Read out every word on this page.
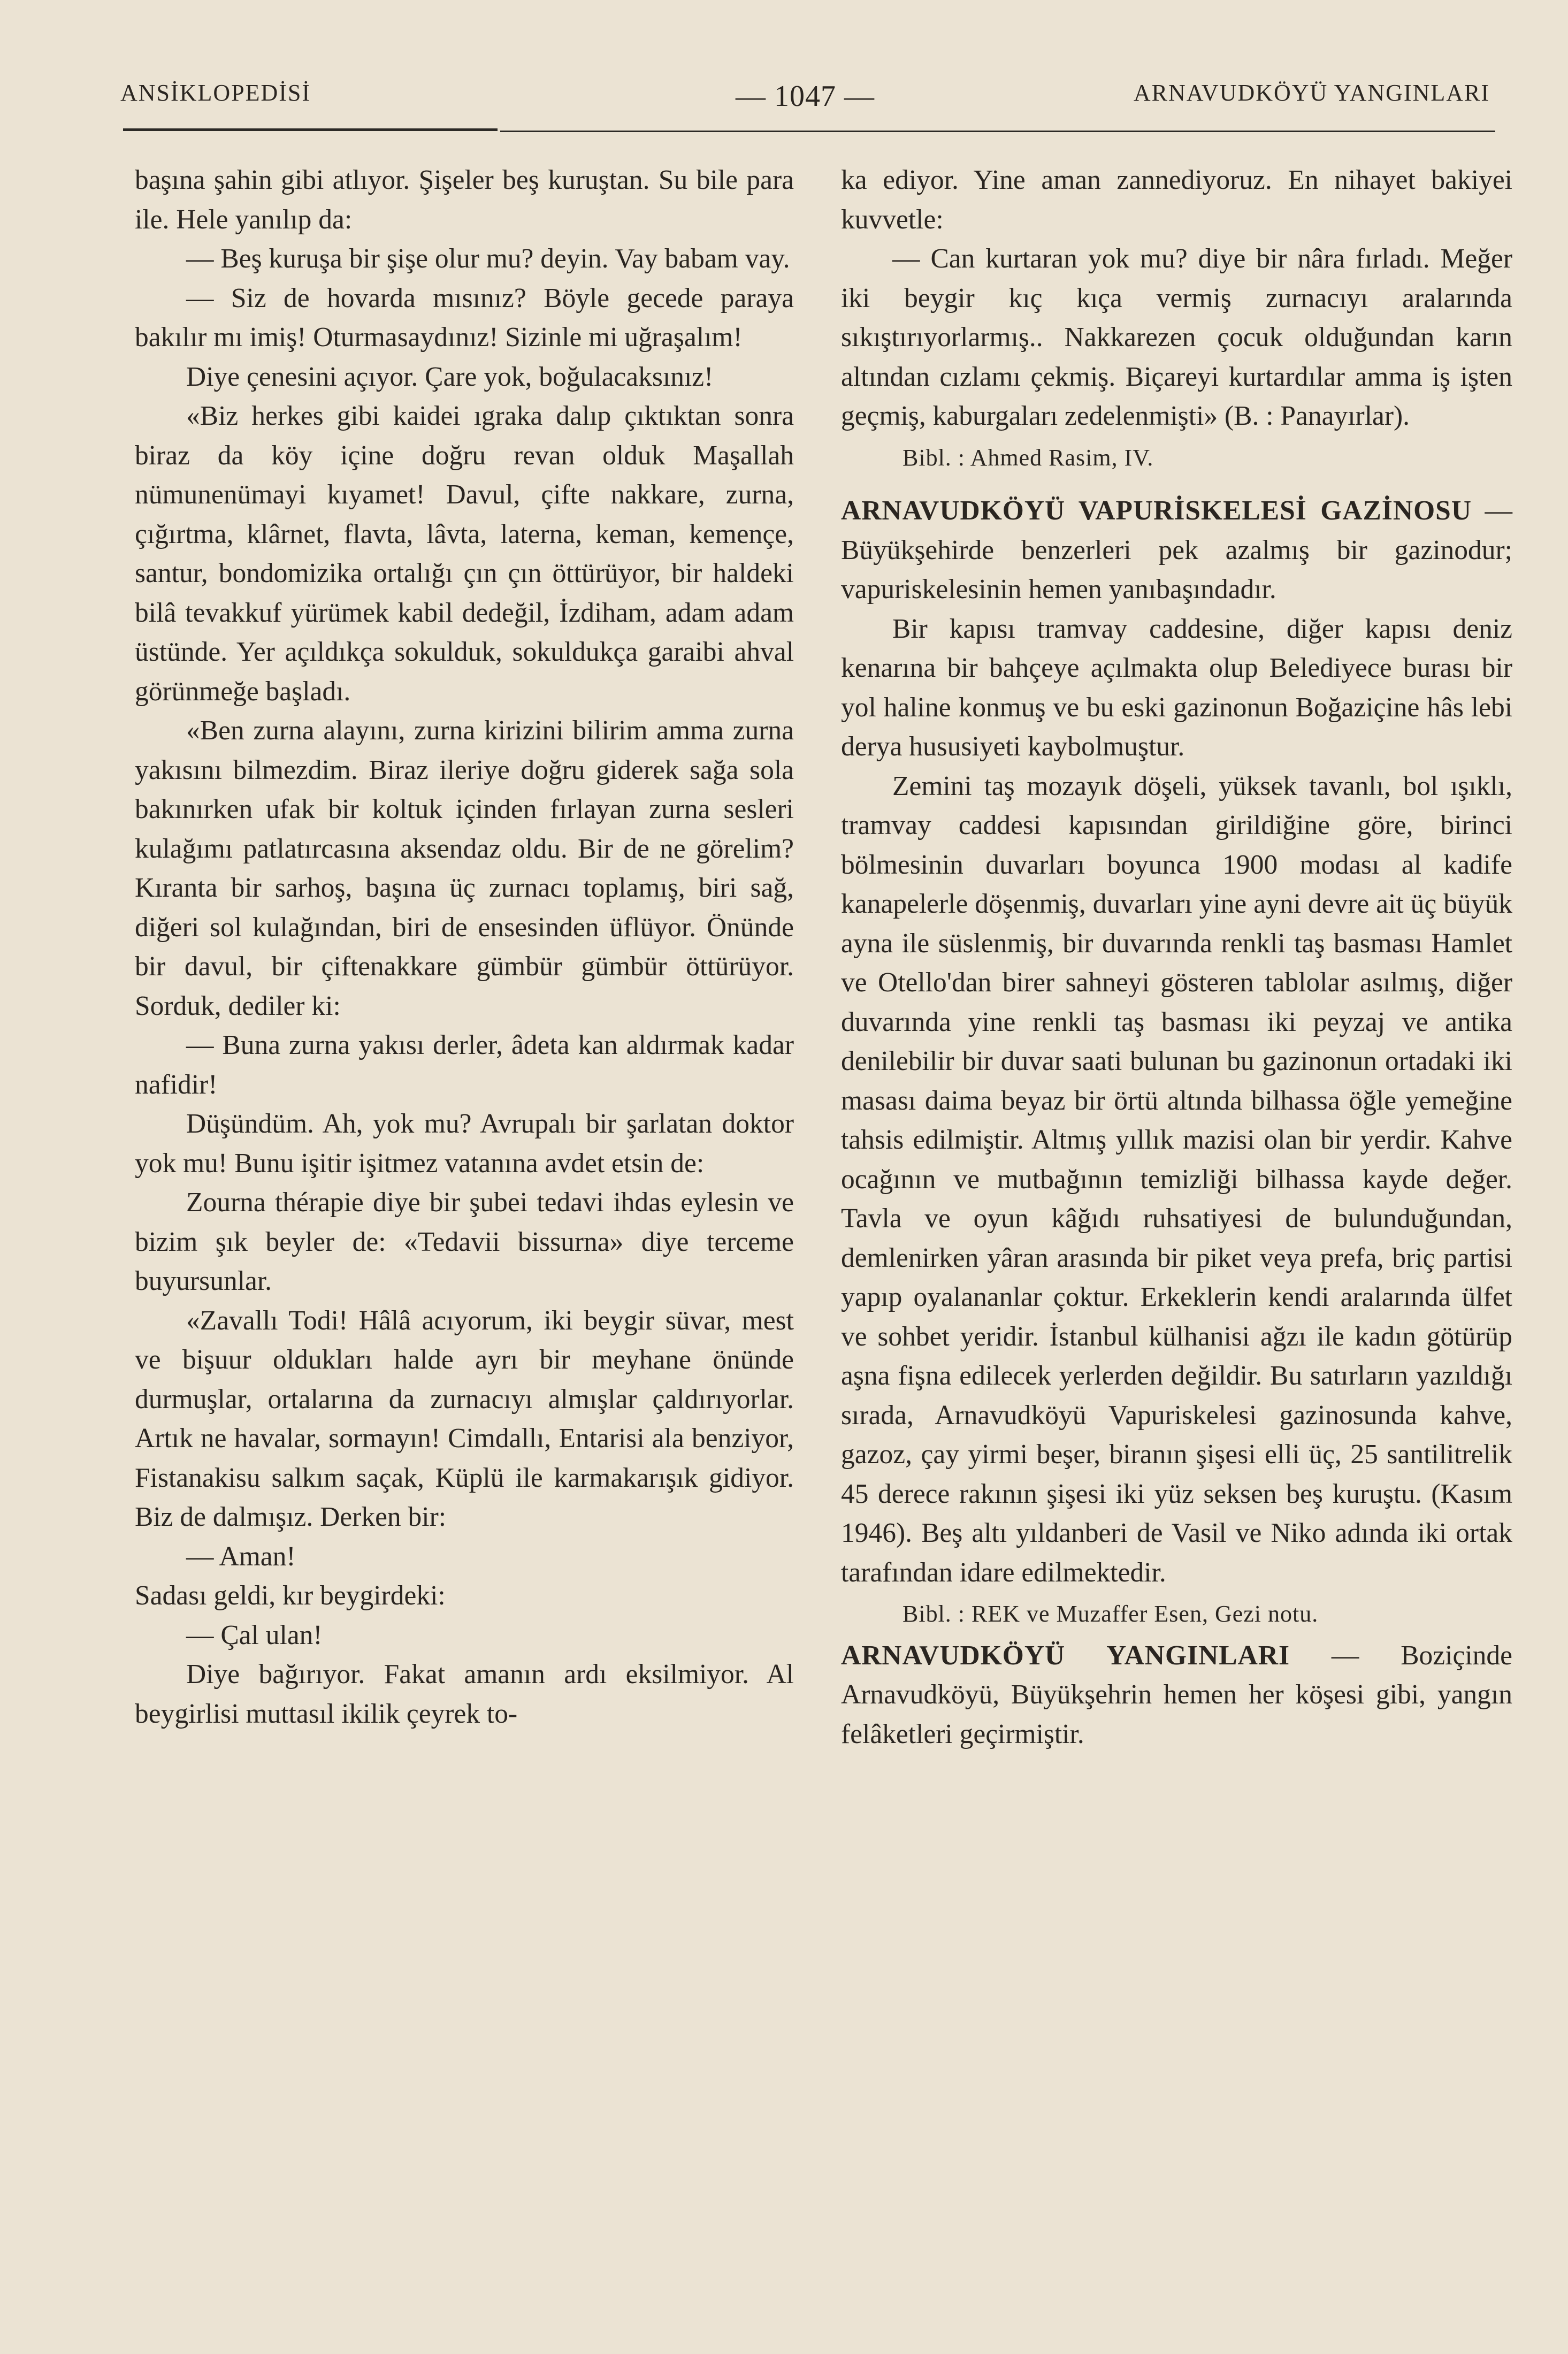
ANSİKLOPEDİSİ	— 1047 —	ARNAVUDKÖYÜ YANGINLARI

başına şahin gibi atlıyor. Şişeler beş kuruştan. Su bile para ile. Hele yanılıp da:

— Beş kuruşa bir şişe olur mu? deyin. Vay babam vay.

— Siz de hovarda mısınız? Böyle gecede paraya bakılır mı imiş! Oturmasaydınız! Sizinle mi uğraşalım!

Diye çenesini açıyor. Çare yok, boğulacaksınız!

«Biz herkes gibi kaidei ıgraka dalıp çıktıktan sonra biraz da köy içine doğru revan olduk Maşallah nümunenümayi kıyamet! Davul, çifte nakkare, zurna, çığırtma, klârnet, flavta, lâvta, laterna, keman, kemençe, santur, bondomizika ortalığı çın çın öttürüyor, bir haldeki bilâ tevakkuf yürümek kabil dedeğil, İzdiham, adam adam üstünde. Yer açıldıkça sokulduk, sokuldukça garaibi ahval görünmeğe başladı.

«Ben zurna alayını, zurna kirizini bilirim amma zurna yakısını bilmezdim. Biraz ileriye doğru giderek sağa sola bakınırken ufak bir koltuk içinden fırlayan zurna sesleri kulağımı patlatırcasına aksendaz oldu. Bir de ne görelim? Kıranta bir sarhoş, başına üç zurnacı toplamış, biri sağ, diğeri sol kulağından, biri de ensesinden üflüyor. Önünde bir davul, bir çiftenakkare gümbür gümbür öttürüyor. Sorduk, dediler ki:

— Buna zurna yakısı derler, âdeta kan aldırmak kadar nafidir!

Düşündüm. Ah, yok mu? Avrupalı bir şarlatan doktor yok mu! Bunu işitir işitmez vatanına avdet etsin de:

Zourna thérapie diye bir şubei tedavi ihdas eylesin ve bizim şık beyler de: «Tedavii bissurna» diye terceme buyursunlar.

«Zavallı Todi! Hâlâ acıyorum, iki beygir süvar, mest ve bişuur oldukları halde ayrı bir meyhane önünde durmuşlar, ortalarına da zurnacıyı almışlar çaldırıyorlar. Artık ne havalar, sormayın! Cimdallı, Entarisi ala benziyor, Fistanakisu salkım saçak, Küplü ile karmakarışık gidiyor. Biz de dalmışız. Derken bir:

— Aman!

Sadası geldi, kır beygirdeki:

— Çal ulan!

Diye bağırıyor. Fakat amanın ardı eksilmiyor. Al beygirlisi muttasıl ikilik çeyrek to-

ka ediyor. Yine aman zannediyoruz. En nihayet bakiyei kuvvetle:

— Can kurtaran yok mu? diye bir nâra fırladı. Meğer iki beygir kıç kıça vermiş zurnacıyı aralarında sıkıştırıyorlarmış.. Nakkarezen çocuk olduğundan karın altından cızlamı çekmiş. Biçareyi kurtardılar amma iş işten geçmiş, kaburgaları zedelenmişti» (B. : Panayırlar).

Bibl. : Ahmed Rasim, IV.

ARNAVUDKÖYÜ VAPURİSKELESİ GAZİNOSU — Büyükşehirde benzerleri pek azalmış bir gazinodur; vapuriskelesinin hemen yanıbaşındadır.

Bir kapısı tramvay caddesine, diğer kapısı deniz kenarına bir bahçeye açılmakta olup Belediyece burası bir yol haline konmuş ve bu eski gazinonun Boğaziçine hâs lebi derya hususiyeti kaybolmuştur.

Zemini taş mozayık döşeli, yüksek tavanlı, bol ışıklı, tramvay caddesi kapısından girildiğine göre, birinci bölmesinin duvarları boyunca 1900 modası al kadife kanapelerle döşenmiş, duvarları yine ayni devre ait üç büyük ayna ile süslenmiş, bir duvarında renkli taş basması Hamlet ve Otello'dan birer sahneyi gösteren tablolar asılmış, diğer duvarında yine renkli taş basması iki peyzaj ve antika denilebilir bir duvar saati bulunan bu gazinonun ortadaki iki masası daima beyaz bir örtü altında bilhassa öğle yemeğine tahsis edilmiştir. Altmış yıllık mazisi olan bir yerdir. Kahve ocağının ve mutbağının temizliği bilhassa kayde değer. Tavla ve oyun kâğıdı ruhsatiyesi de bulunduğundan, demlenirken yâran arasında bir piket veya prefa, briç partisi yapıp oyalananlar çoktur. Erkeklerin kendi aralarında ülfet ve sohbet yeridir. İstanbul külhanisi ağzı ile kadın götürüp aşna fişna edilecek yerlerden değildir. Bu satırların yazıldığı sırada, Arnavudköyü Vapuriskelesi gazinosunda kahve, gazoz, çay yirmi beşer, biranın şişesi elli üç, 25 santilitrelik 45 derece rakının şişesi iki yüz seksen beş kuruştu. (Kasım 1946). Beş altı yıldanberi de Vasil ve Niko adında iki ortak tarafından idare edilmektedir.

Bibl. : REK ve Muzaffer Esen, Gezi notu.

ARNAVUDKÖYÜ YANGINLARI — Boziçinde Arnavudköyü, Büyükşehrin hemen her köşesi gibi, yangın felâketleri geçirmiştir.
